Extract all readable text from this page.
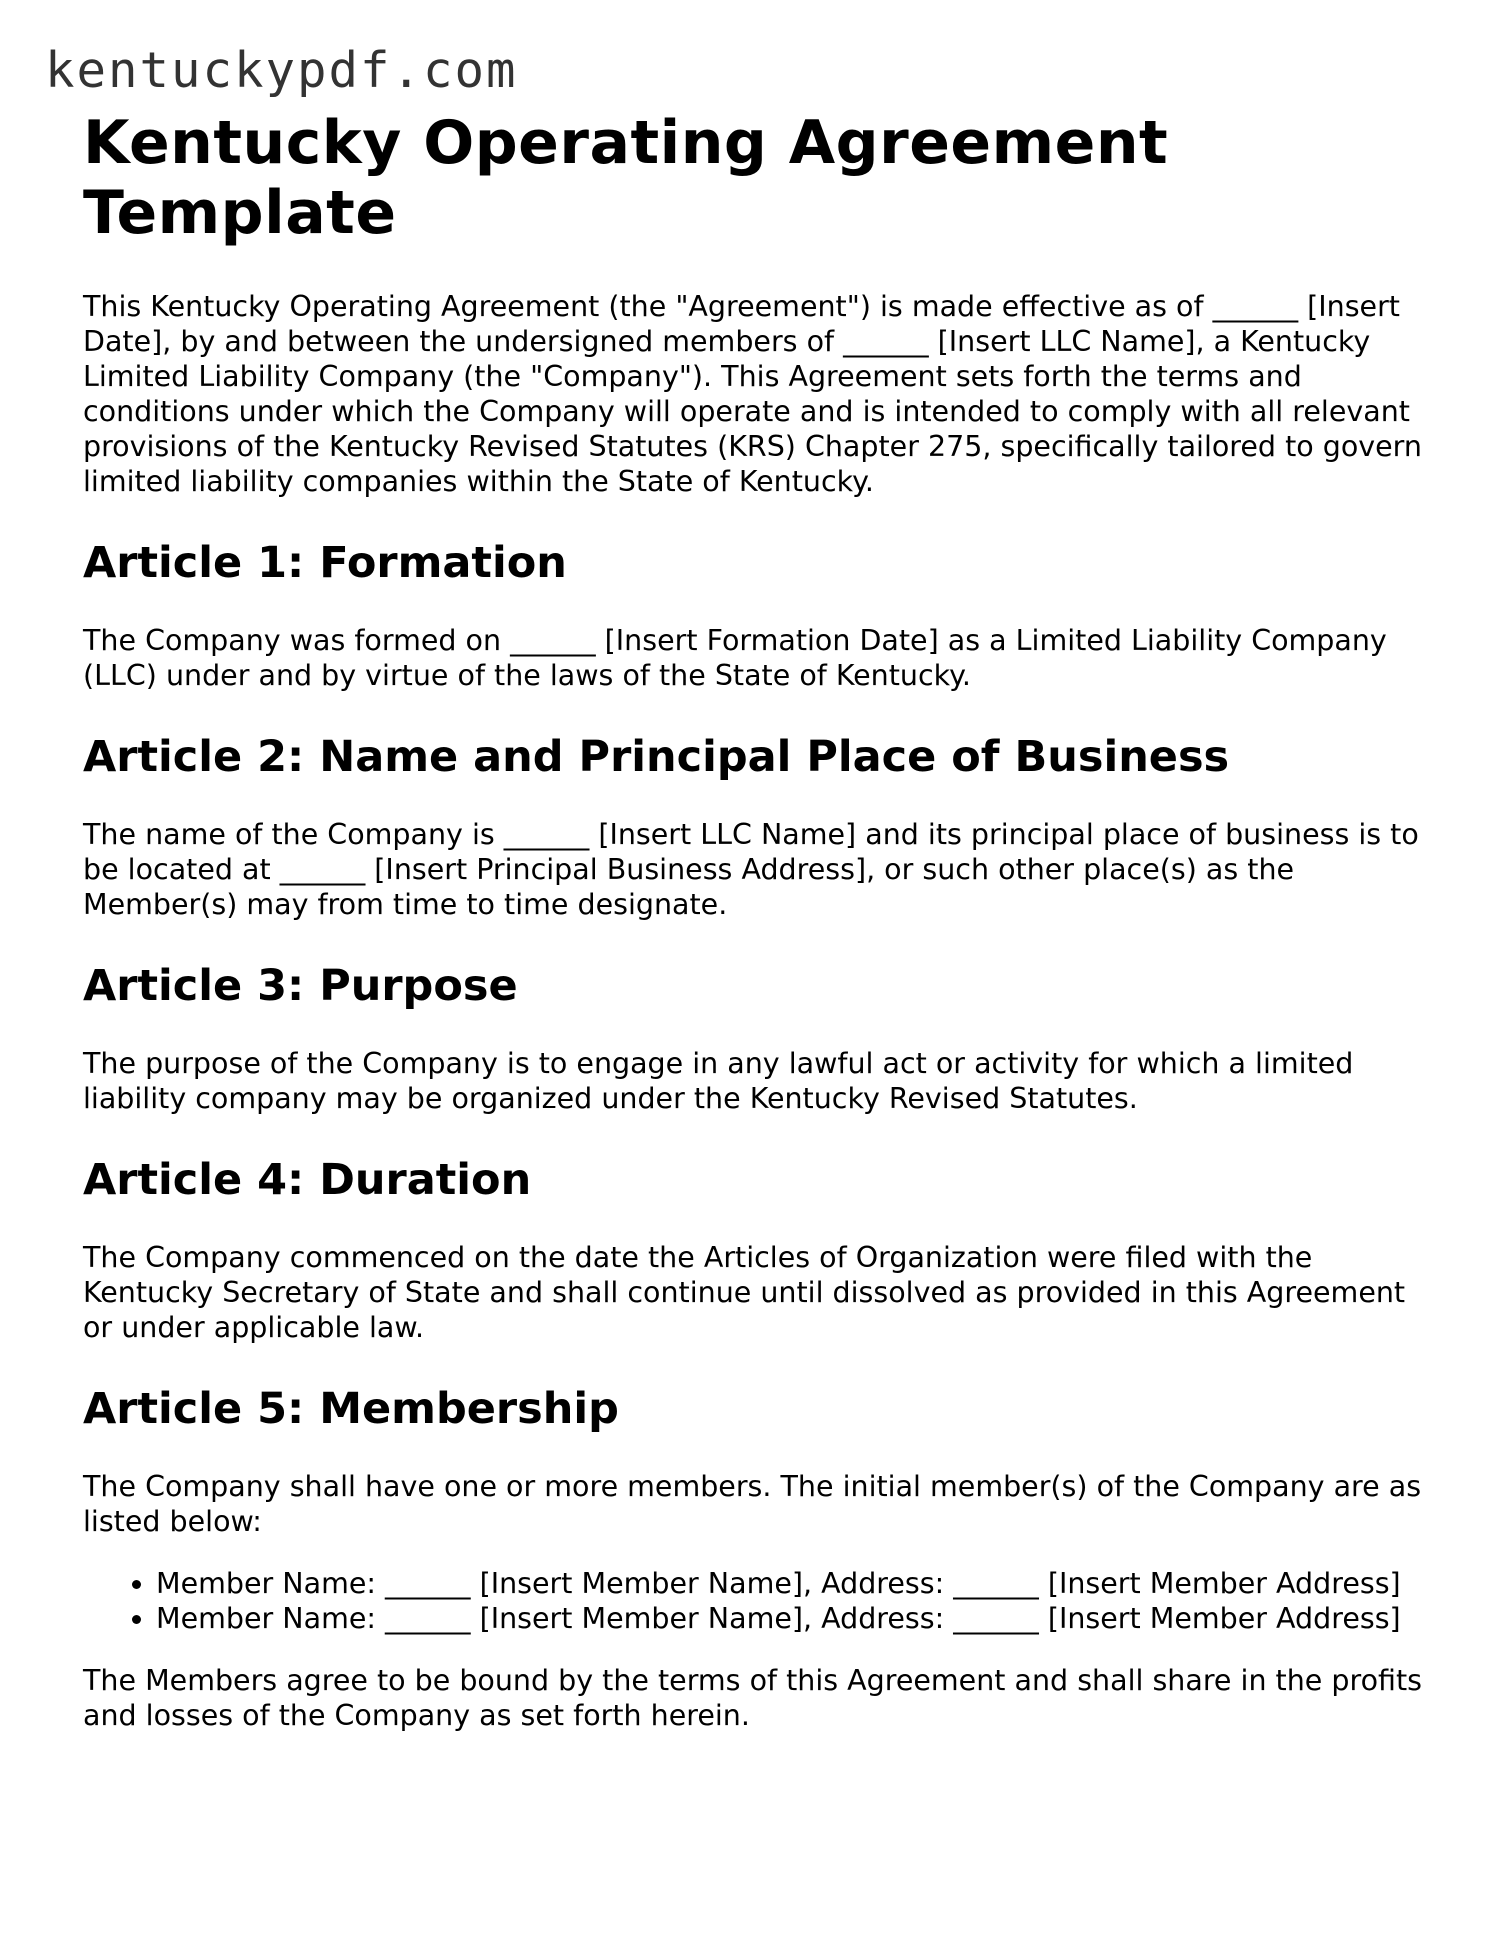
kentuckypdf.com
Kentucky Operating Agreement Template

This Kentucky Operating Agreement (the "Agreement") is made effective as of ______ [Insert Date], by and between the undersigned members of ______ [Insert LLC Name], a Kentucky Limited Liability Company (the "Company"). This Agreement sets forth the terms and conditions under which the Company will operate and is intended to comply with all relevant provisions of the Kentucky Revised Statutes (KRS) Chapter 275, specifically tailored to govern limited liability companies within the State of Kentucky.

Article 1: Formation

The Company was formed on ______ [Insert Formation Date] as a Limited Liability Company (LLC) under and by virtue of the laws of the State of Kentucky.

Article 2: Name and Principal Place of Business

The name of the Company is ______ [Insert LLC Name] and its principal place of business is to be located at ______ [Insert Principal Business Address], or such other place(s) as the Member(s) may from time to time designate.

Article 3: Purpose

The purpose of the Company is to engage in any lawful act or activity for which a limited liability company may be organized under the Kentucky Revised Statutes.

Article 4: Duration

The Company commenced on the date the Articles of Organization were filed with the Kentucky Secretary of State and shall continue until dissolved as provided in this Agreement or under applicable law.

Article 5: Membership

The Company shall have one or more members. The initial member(s) of the Company are as listed below:

• Member Name: ______ [Insert Member Name], Address: ______ [Insert Member Address]
• Member Name: ______ [Insert Member Name], Address: ______ [Insert Member Address]

The Members agree to be bound by the terms of this Agreement and shall share in the profits and losses of the Company as set forth herein.
